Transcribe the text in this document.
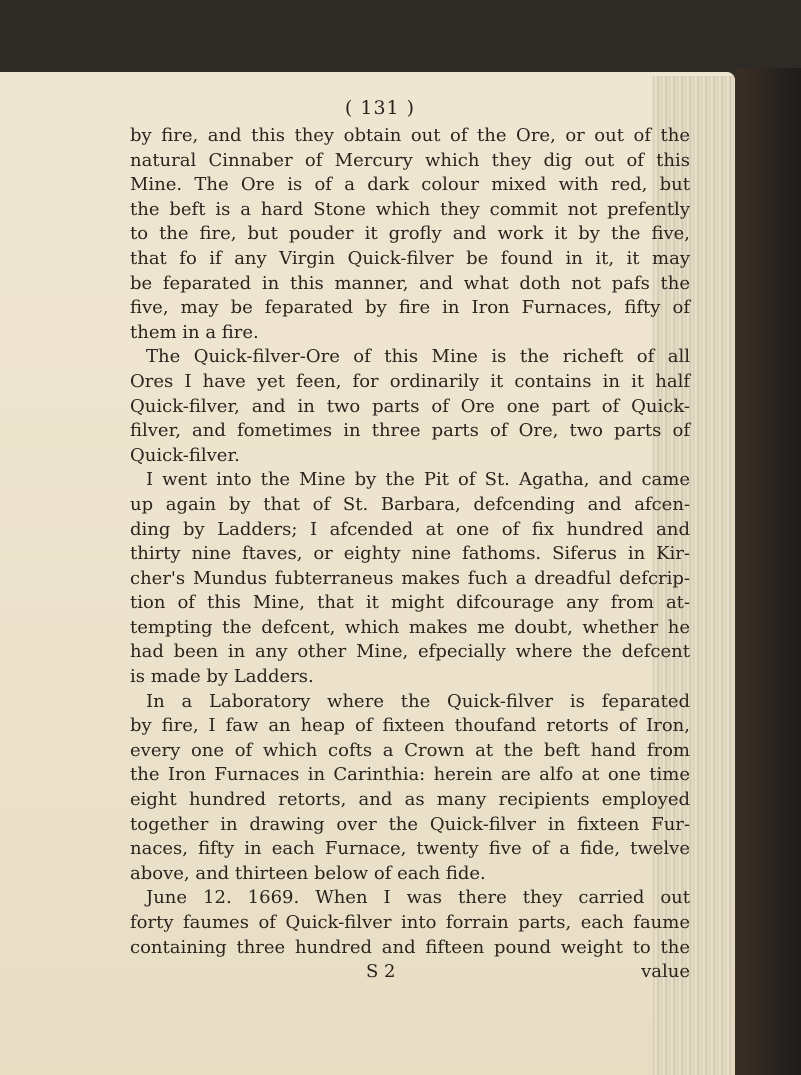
( 131 )
by fire, and this they obtain out of the Ore, or out of the
natural Cinnaber of Mercury which they dig out of this
Mine. The Ore is of a dark colour mixed with red, but
the beft is a hard Stone which they commit not prefently
to the fire, but pouder it grofly and work it by the five,
that fo if any Virgin Quick-filver be found in it, it may
be feparated in this manner, and what doth not pafs the
five, may be feparated by fire in Iron Furnaces, fifty of
them in a fire.
The Quick-filver-Ore of this Mine is the richeft of all
Ores I have yet feen, for ordinarily it contains in it half
Quick-filver, and in two parts of Ore one part of Quick-
filver, and fometimes in three parts of Ore, two parts of
Quick-filver.
I went into the Mine by the Pit of St. Agatha, and came
up again by that of St. Barbara, defcending and afcen-
ding by Ladders; I afcended at one of fix hundred and
thirty nine ftaves, or eighty nine fathoms. Siferus in Kir-
cher's Mundus fubterraneus makes fuch a dreadful defcrip-
tion of this Mine, that it might difcourage any from at-
tempting the defcent, which makes me doubt, whether he
had been in any other Mine, efpecially where the defcent
is made by Ladders.
In a Laboratory where the Quick-filver is feparated
by fire, I faw an heap of fixteen thoufand retorts of Iron,
every one of which cofts a Crown at the beft hand from
the Iron Furnaces in Carinthia: herein are alfo at one time
eight hundred retorts, and as many recipients employed
together in drawing over the Quick-filver in fixteen Fur-
naces, fifty in each Furnace, twenty five of a fide, twelve
above, and thirteen below of each fide.
June 12. 1669. When I was there they carried out
forty faumes of Quick-filver into forrain parts, each faume
containing three hundred and fifteen pound weight to the
S 2	value
